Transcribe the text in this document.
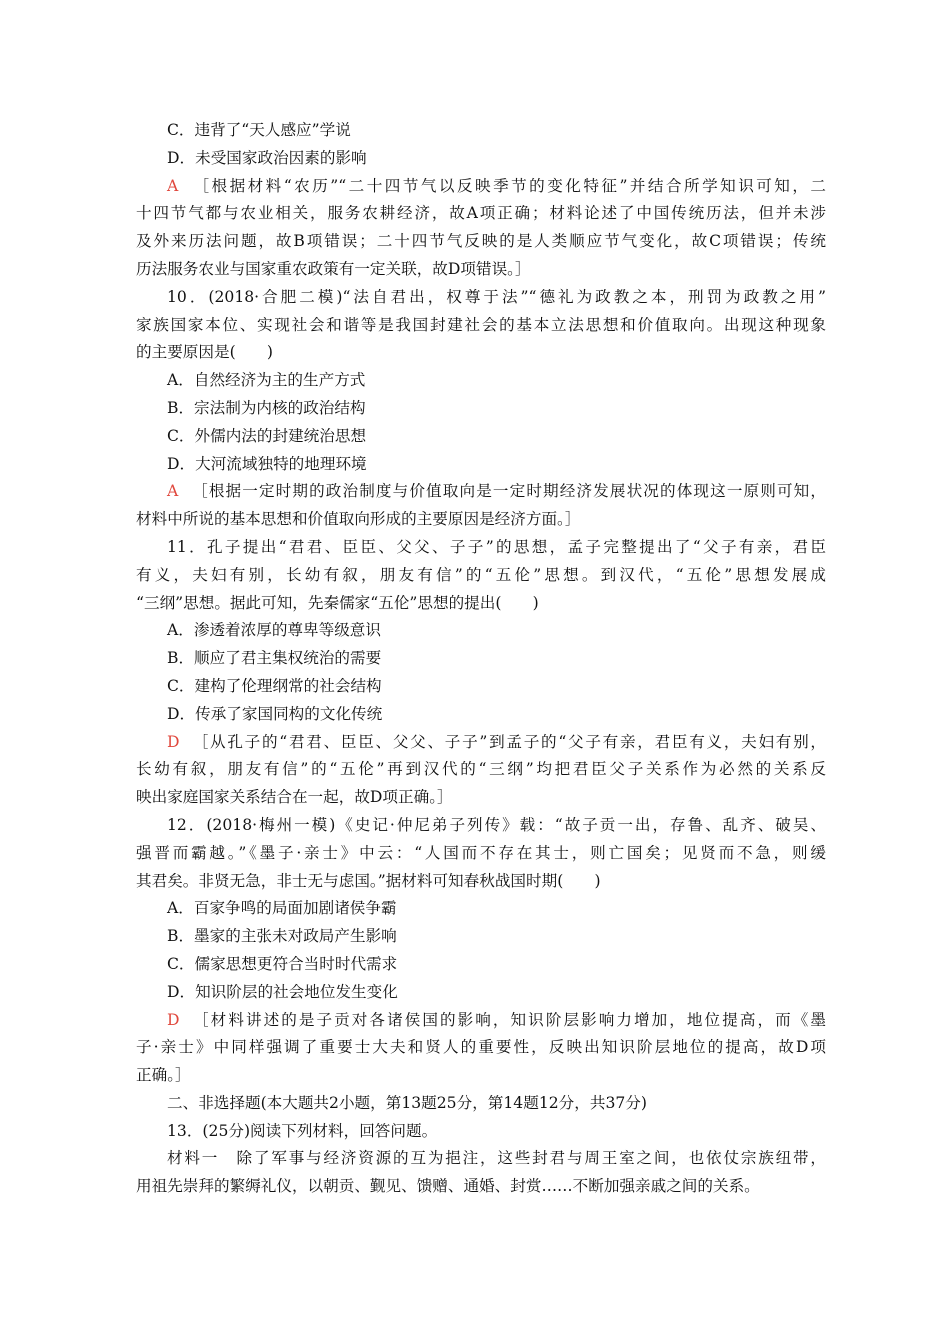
C．违背了“天人感应”学说
D．未受国家政治因素的影响
A ［根据材料“农历”“二十四节气以反映季节的变化特征”并结合所学知识可知，二
十四节气都与农业相关，服务农耕经济，故A项正确；材料论述了中国传统历法，但并未涉
及外来历法问题，故B项错误；二十四节气反映的是人类顺应节气变化，故C项错误；传统
历法服务农业与国家重农政策有一定关联，故D项错误。］
10．(2018·合肥二模)“法自君出，权尊于法”“德礼为政教之本，刑罚为政教之用”
家族国家本位、实现社会和谐等是我国封建社会的基本立法思想和价值取向。出现这种现象
的主要原因是(　　)
A．自然经济为主的生产方式
B．宗法制为内核的政治结构
C．外儒内法的封建统治思想
D．大河流域独特的地理环境
A ［根据一定时期的政治制度与价值取向是一定时期经济发展状况的体现这一原则可知，
材料中所说的基本思想和价值取向形成的主要原因是经济方面。］
11．孔子提出“君君、臣臣、父父、子子”的思想，孟子完整提出了“父子有亲，君臣
有义，夫妇有别，长幼有叙，朋友有信”的“五伦”思想。到汉代，“五伦”思想发展成
“三纲”思想。据此可知，先秦儒家“五伦”思想的提出(　　)
A．渗透着浓厚的尊卑等级意识
B．顺应了君主集权统治的需要
C．建构了伦理纲常的社会结构
D．传承了家国同构的文化传统
D ［从孔子的“君君、臣臣、父父、子子”到孟子的“父子有亲，君臣有义，夫妇有别，
长幼有叙，朋友有信”的“五伦”再到汉代的“三纲”均把君臣父子关系作为必然的关系反
映出家庭国家关系结合在一起，故D项正确。］
12．(2018·梅州一模)《史记·仲尼弟子列传》载：“故子贡一出，存鲁、乱齐、破吴、
强晋而霸越。”《墨子·亲士》中云：“人国而不存在其士，则亡国矣；见贤而不急，则缓
其君矣。非贤无急，非士无与虑国。”据材料可知春秋战国时期(　　)
A．百家争鸣的局面加剧诸侯争霸
B．墨家的主张未对政局产生影响
C．儒家思想更符合当时时代需求
D．知识阶层的社会地位发生变化
D ［材料讲述的是子贡对各诸侯国的影响，知识阶层影响力增加，地位提高，而《墨
子·亲士》中同样强调了重要士大夫和贤人的重要性，反映出知识阶层地位的提高，故D项
正确。］
二、非选择题(本大题共2小题，第13题25分，第14题12分，共37分)
13．(25分)阅读下列材料，回答问题。
材料一　除了军事与经济资源的互为挹注，这些封君与周王室之间，也依仗宗族纽带，
用祖先崇拜的繁缛礼仪，以朝贡、觐见、馈赠、通婚、封赏……不断加强亲戚之间的关系。
